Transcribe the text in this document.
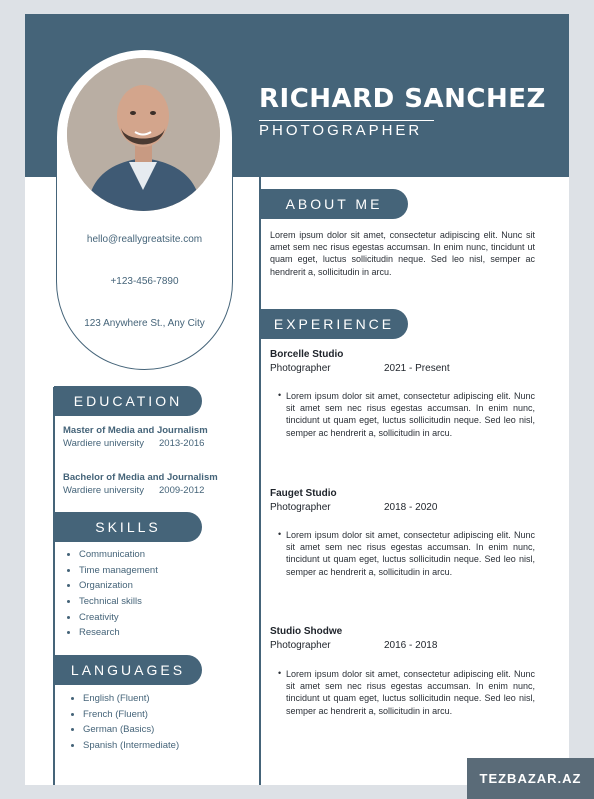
RICHARD SANCHEZ
PHOTOGRAPHER
hello@reallygreatsite.com
+123-456-7890
123 Anywhere St., Any City
ABOUT ME
Lorem ipsum dolor sit amet, consectetur adipiscing elit. Nunc sit amet sem nec risus egestas accumsan. In enim nunc, tincidunt ut quam eget, luctus sollicitudin neque. Sed leo nisl, semper ac hendrerit a, sollicitudin in arcu.
EXPERIENCE
Borcelle Studio
Photographer	2021 - Present
• Lorem ipsum dolor sit amet, consectetur adipiscing elit. Nunc sit amet sem nec risus egestas accumsan. In enim nunc, tincidunt ut quam eget, luctus sollicitudin neque. Sed leo nisl, semper ac hendrerit a, sollicitudin in arcu.
Fauget Studio
Photographer	2018 - 2020
• Lorem ipsum dolor sit amet, consectetur adipiscing elit. Nunc sit amet sem nec risus egestas accumsan. In enim nunc, tincidunt ut quam eget, luctus sollicitudin neque. Sed leo nisl, semper ac hendrerit a, sollicitudin in arcu.
Studio Shodwe
Photographer	2016 - 2018
• Lorem ipsum dolor sit amet, consectetur adipiscing elit. Nunc sit amet sem nec risus egestas accumsan. In enim nunc, tincidunt ut quam eget, luctus sollicitudin neque. Sed leo nisl, semper ac hendrerit a, sollicitudin in arcu.
EDUCATION
Master of Media and Journalism
Wardiere university 2013-2016
Bachelor of Media and Journalism
Wardiere university 2009-2012
SKILLS
• Communication
• Time management
• Organization
• Technical skills
• Creativity
• Research
LANGUAGES
• English (Fluent)
• French (Fluent)
• German (Basics)
• Spanish (Intermediate)
TEZBAZAR.AZ
